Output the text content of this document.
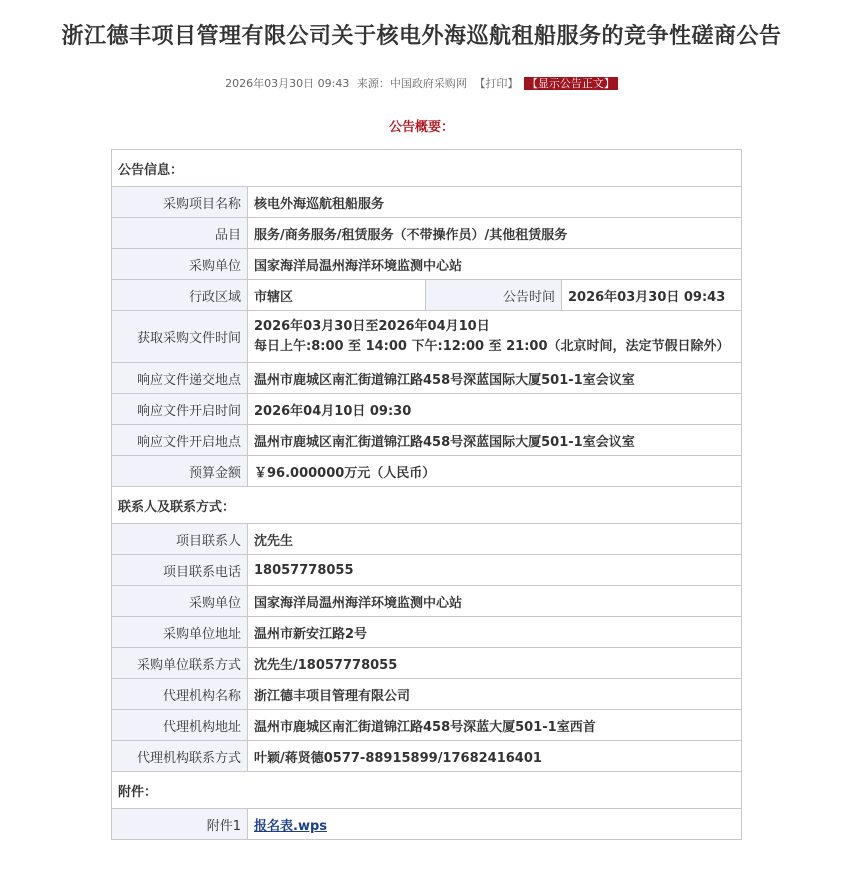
浙江德丰项目管理有限公司关于核电外海巡航租船服务的竞争性磋商公告
2026年03月30日 09:43 来源：中国政府采购网 【打印】 【显示公告正文】
公告概要：
公告信息：			
采购项目名称	核电外海巡航租船服务		
品目	服务/商务服务/租赁服务（不带操作员）/其他租赁服务		
采购单位	国家海洋局温州海洋环境监测中心站		
行政区域	市辖区	公告时间	2026年03月30日 09:43
获取采购文件时间	2026年03月30日至2026年04月10日
每日上午:8:00 至 14:00 下午:12:00 至 21:00（北京时间，法定节假日除外）		

响应文件递交地点	温州市鹿城区南汇街道锦江路458号深蓝国际大厦501-1室会议室		
响应文件开启时间	2026年04月10日 09:30		
响应文件开启地点	温州市鹿城区南汇街道锦江路458号深蓝国际大厦501-1室会议室		
预算金额	￥96.000000万元（人民币）		
联系人及联系方式：			
项目联系人	沈先生		
项目联系电话	18057778055		
采购单位	国家海洋局温州海洋环境监测中心站		
采购单位地址	温州市新安江路2号		
采购单位联系方式	沈先生/18057778055		
代理机构名称	浙江德丰项目管理有限公司		
代理机构地址	温州市鹿城区南汇街道锦江路458号深蓝大厦501-1室西首		
代理机构联系方式	叶颖/蒋贤德0577-88915899/17682416401		
附件：			
附件1	报名表.wps		
